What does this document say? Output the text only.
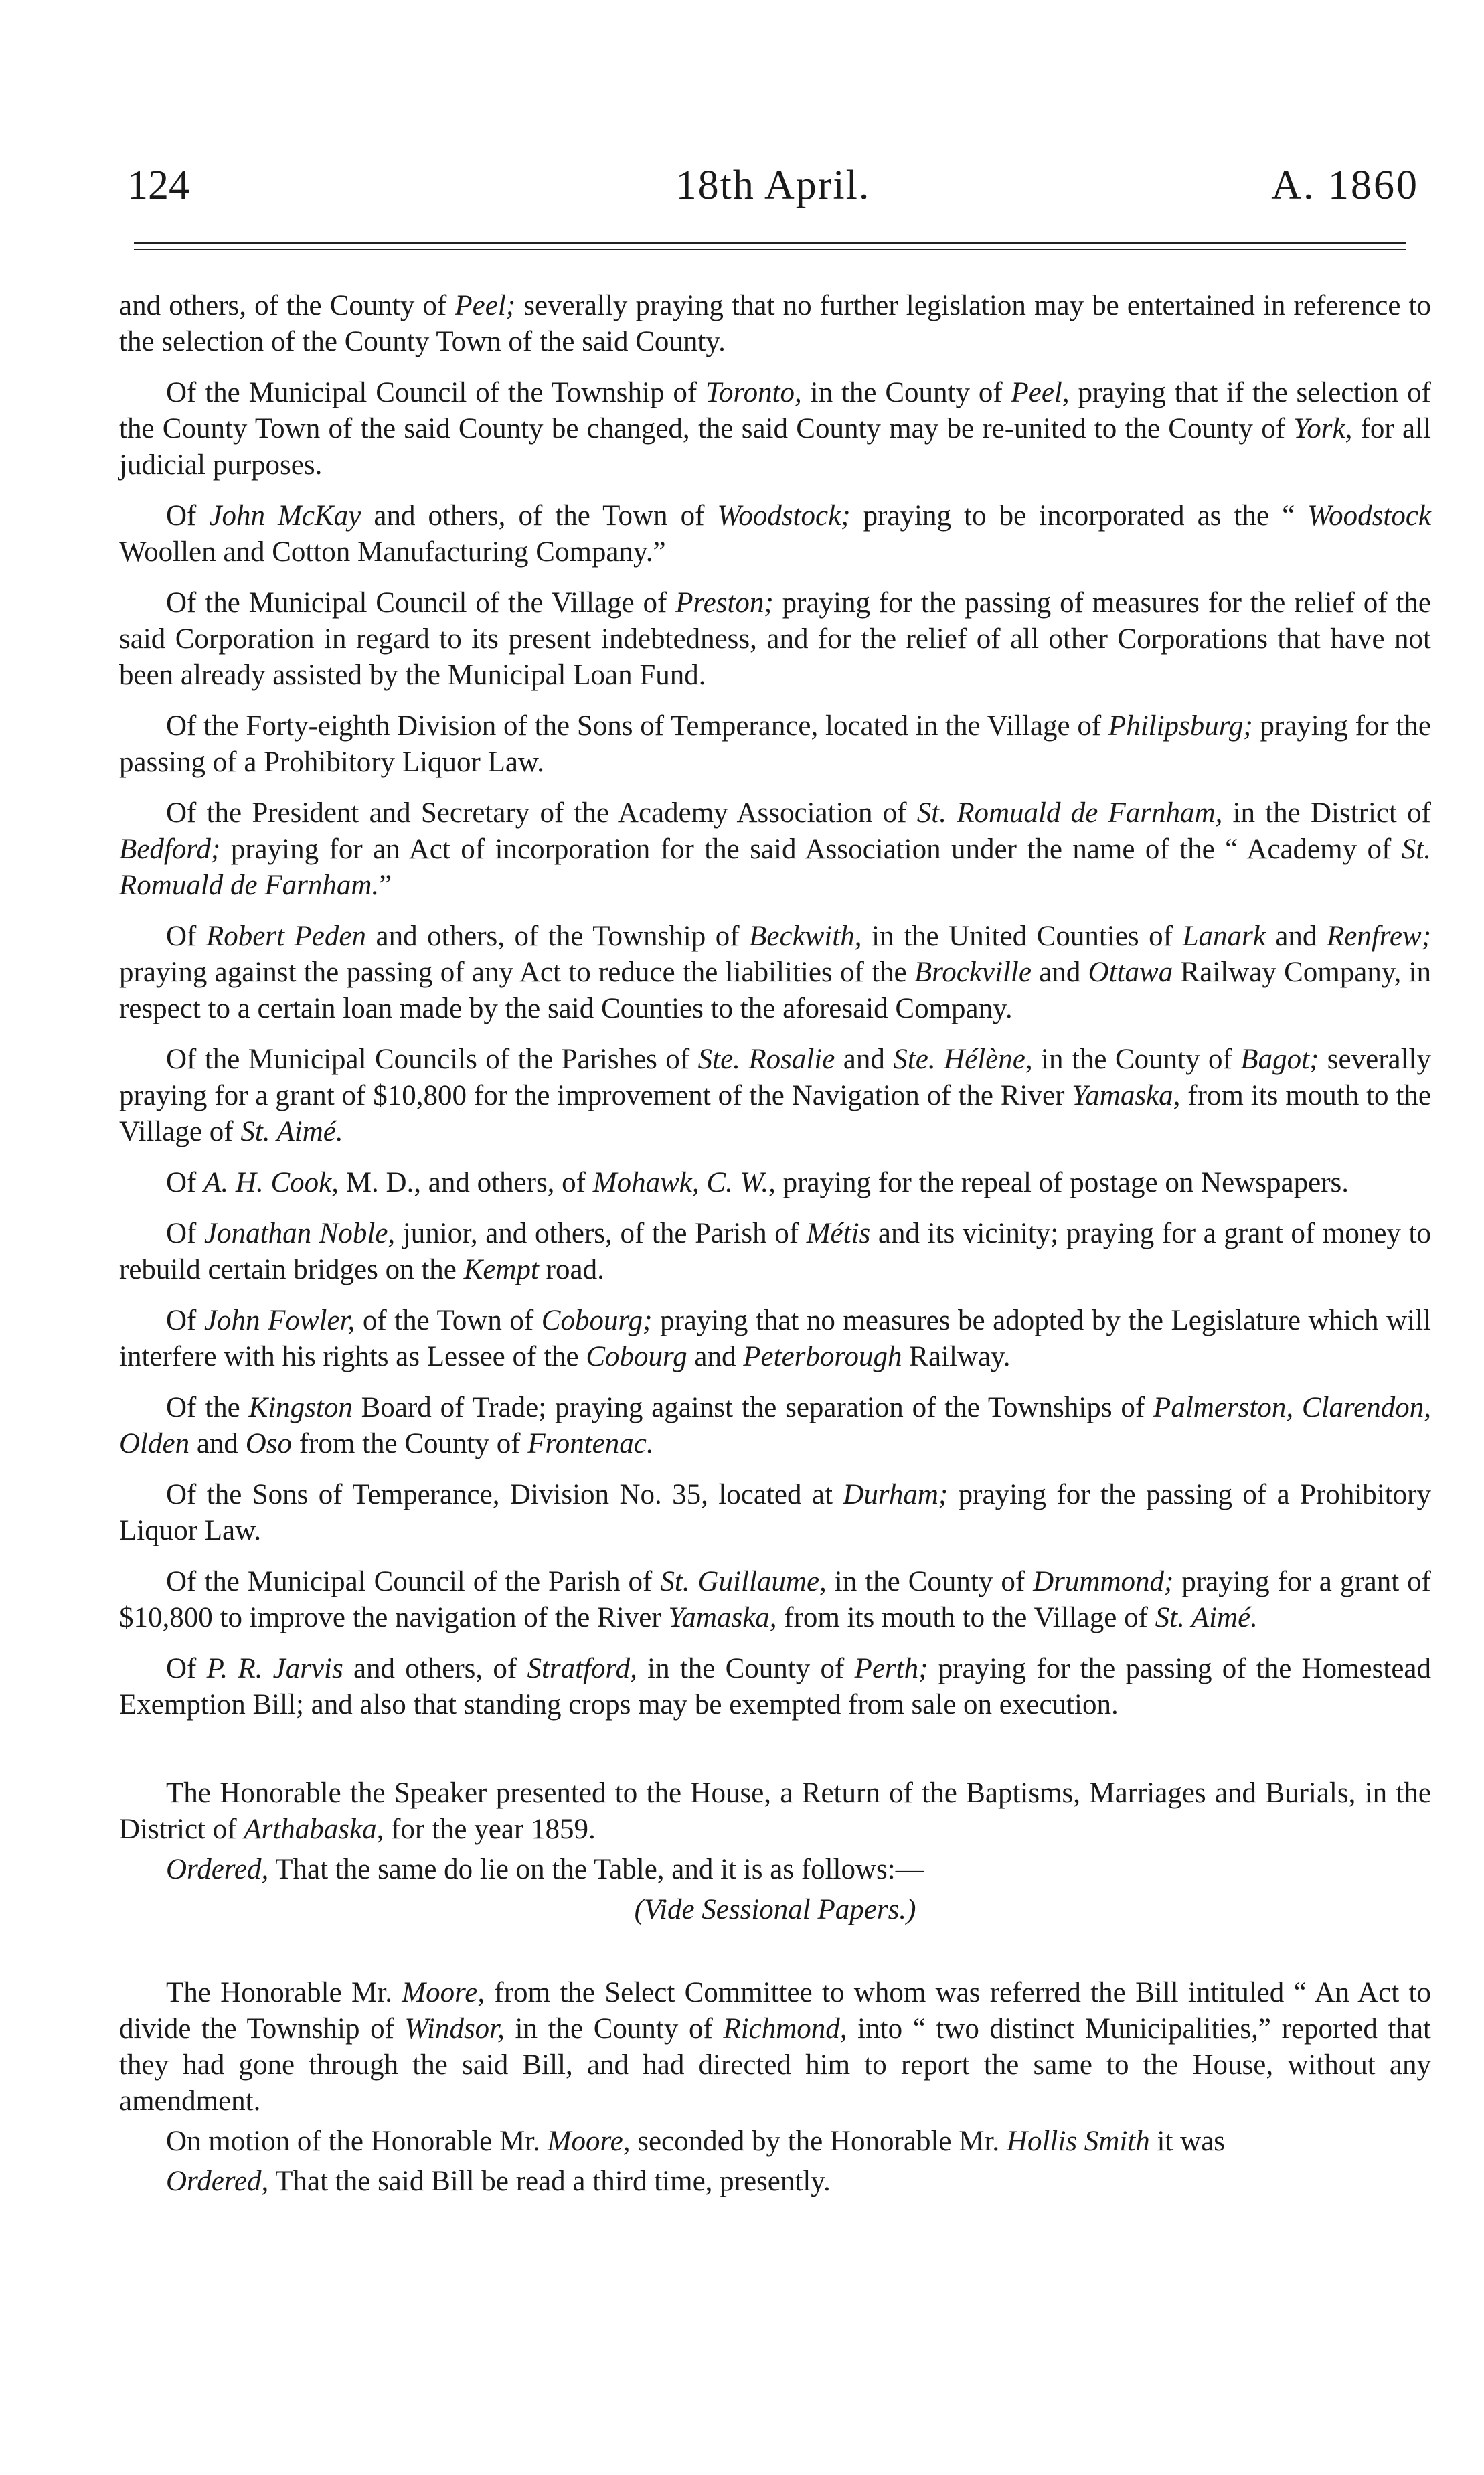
124	18th April.	A. 1860

and others, of the County of Peel; severally praying that no further legislation may be entertained in reference to the selection of the County Town of the said County.

Of the Municipal Council of the Township of Toronto, in the County of Peel, praying that if the selection of the County Town of the said County be changed, the said County may be re-united to the County of York, for all judicial purposes.

Of John McKay and others, of the Town of Woodstock; praying to be incorporated as the “ Woodstock Woollen and Cotton Manufacturing Company.”

Of the Municipal Council of the Village of Preston; praying for the passing of measures for the relief of the said Corporation in regard to its present indebtedness, and for the relief of all other Corporations that have not been already assisted by the Municipal Loan Fund.

Of the Forty-eighth Division of the Sons of Temperance, located in the Village of Philipsburg; praying for the passing of a Prohibitory Liquor Law.

Of the President and Secretary of the Academy Association of St. Romuald de Farnham, in the District of Bedford; praying for an Act of incorporation for the said Association under the name of the “ Academy of St. Romuald de Farnham.”

Of Robert Peden and others, of the Township of Beckwith, in the United Counties of Lanark and Renfrew; praying against the passing of any Act to reduce the liabilities of the Brockville and Ottawa Railway Company, in respect to a certain loan made by the said Counties to the aforesaid Company.

Of the Municipal Councils of the Parishes of Ste. Rosalie and Ste. Hélène, in the County of Bagot; severally praying for a grant of $10,800 for the improvement of the Navigation of the River Yamaska, from its mouth to the Village of St. Aimé.

Of A. H. Cook, M. D., and others, of Mohawk, C. W., praying for the repeal of postage on Newspapers.

Of Jonathan Noble, junior, and others, of the Parish of Métis and its vicinity; praying for a grant of money to rebuild certain bridges on the Kempt road.

Of John Fowler, of the Town of Cobourg; praying that no measures be adopted by the Legislature which will interfere with his rights as Lessee of the Cobourg and Peterborough Railway.

Of the Kingston Board of Trade; praying against the separation of the Townships of Palmerston, Clarendon, Olden and Oso from the County of Frontenac.

Of the Sons of Temperance, Division No. 35, located at Durham; praying for the passing of a Prohibitory Liquor Law.

Of the Municipal Council of the Parish of St. Guillaume, in the County of Drummond; praying for a grant of $10,800 to improve the navigation of the River Yamaska, from its mouth to the Village of St. Aimé.

Of P. R. Jarvis and others, of Stratford, in the County of Perth; praying for the passing of the Homestead Exemption Bill; and also that standing crops may be exempted from sale on execution.

The Honorable the Speaker presented to the House, a Return of the Baptisms, Marriages and Burials, in the District of Arthabaska, for the year 1859.

Ordered, That the same do lie on the Table, and it is as follows:—

(Vide Sessional Papers.)

The Honorable Mr. Moore, from the Select Committee to whom was referred the Bill intituled “ An Act to divide the Township of Windsor, in the County of Richmond, into “ two distinct Municipalities,” reported that they had gone through the said Bill, and had directed him to report the same to the House, without any amendment.

On motion of the Honorable Mr. Moore, seconded by the Honorable Mr. Hollis Smith it was

Ordered, That the said Bill be read a third time, presently.
